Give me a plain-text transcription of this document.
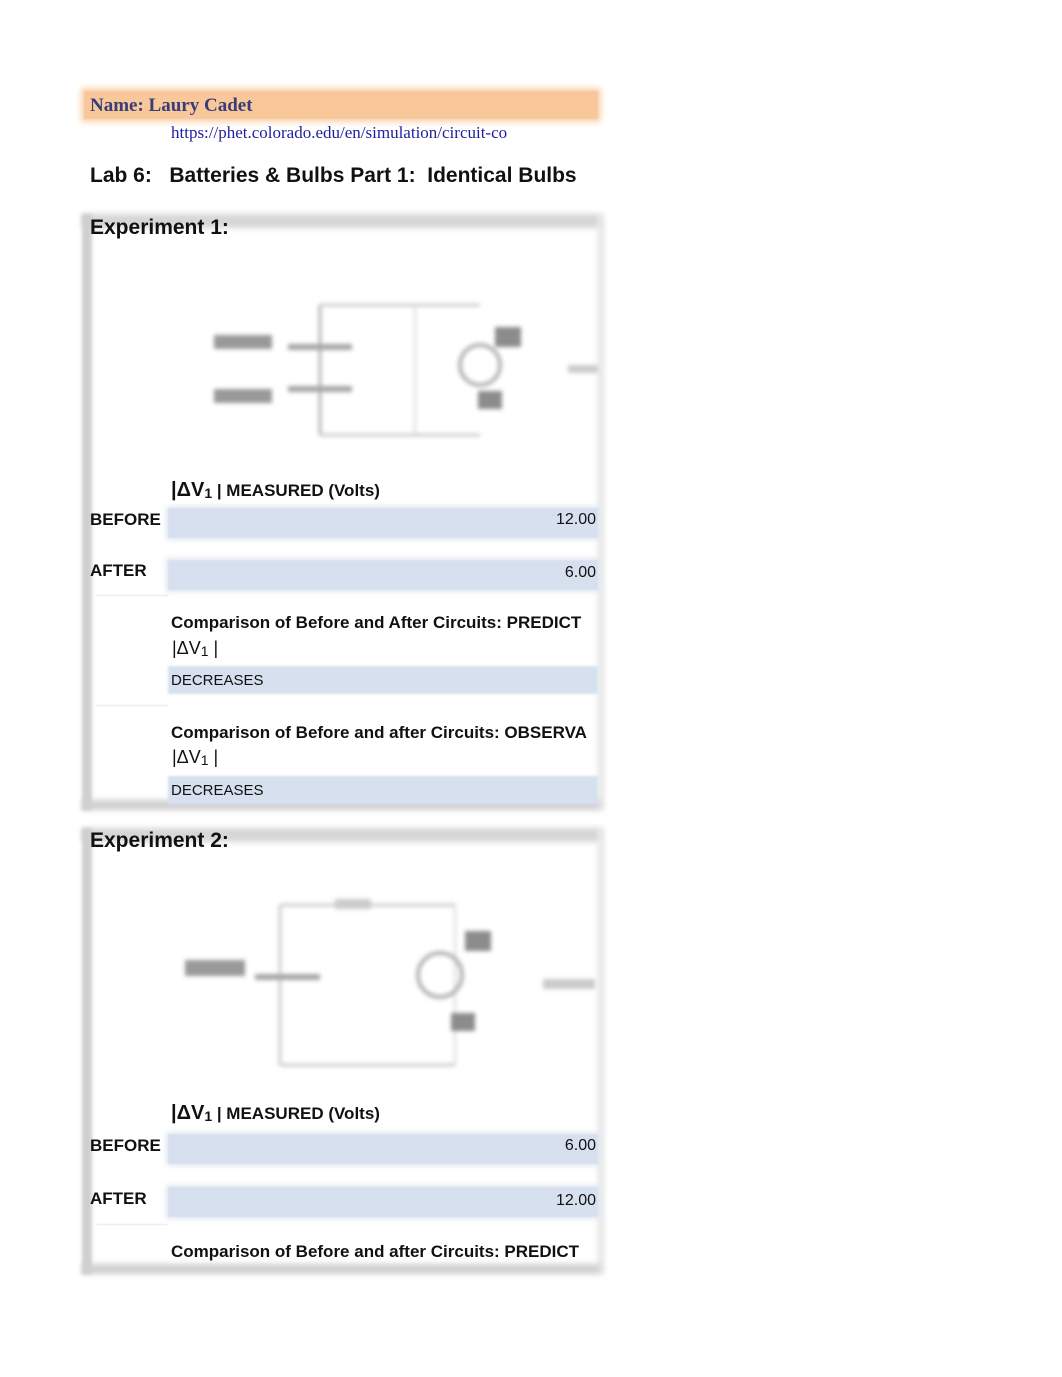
Name: Laury Cadet
https://phet.colorado.edu/en/simulation/circuit-co
Lab 6:   Batteries & Bulbs Part 1:  Identical Bulbs
Experiment 1:
$|\Delta V_1$ | MEASURED (Volts)
BEFORE	12.00
AFTER	6.00
Comparison of Before and After Circuits: PREDICT
$|\Delta V_1$ |
DECREASES
Comparison of Before and after Circuits: OBSERVA
$|\Delta V_1$ |
DECREASES
Experiment 2:
$|\Delta V_1$ | MEASURED (Volts)
BEFORE	6.00
AFTER	12.00
Comparison of Before and after Circuits: PREDICT
